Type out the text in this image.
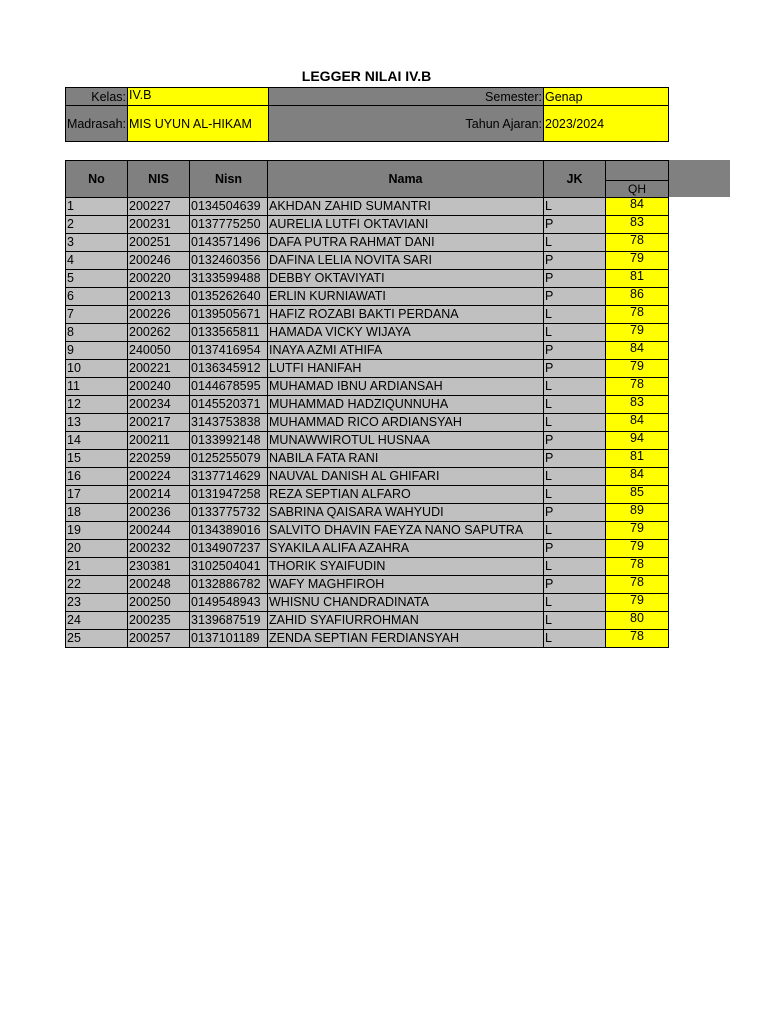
LEGGER NILAI IV.B
Kelas:	IV.B	Semester:	Genap
Madrasah:	MIS UYUN AL-HIKAM	Tahun Ajaran:	2023/2024
No	NIS	Nisn	Nama	JK	
					QH
1	200227	0134504639	AKHDAN ZAHID SUMANTRI	L	84
2	200231	0137775250	AURELIA LUTFI OKTAVIANI	P	83
3	200251	0143571496	DAFA PUTRA RAHMAT DANI	L	78
4	200246	0132460356	DAFINA LELIA NOVITA SARI	P	79
5	200220	3133599488	DEBBY OKTAVIYATI	P	81
6	200213	0135262640	ERLIN KURNIAWATI	P	86
7	200226	0139505671	HAFIZ ROZABI BAKTI PERDANA	L	78
8	200262	0133565811	HAMADA VICKY WIJAYA	L	79
9	240050	0137416954	INAYA AZMI ATHIFA	P	84
10	200221	0136345912	LUTFI HANIFAH	P	79
11	200240	0144678595	MUHAMAD IBNU ARDIANSAH	L	78
12	200234	0145520371	MUHAMMAD HADZIQUNNUHA	L	83
13	200217	3143753838	MUHAMMAD RICO ARDIANSYAH	L	84
14	200211	0133992148	MUNAWWIROTUL HUSNAA	P	94
15	220259	0125255079	NABILA FATA RANI	P	81
16	200224	3137714629	NAUVAL DANISH AL GHIFARI	L	84
17	200214	0131947258	REZA SEPTIAN ALFARO	L	85
18	200236	0133775732	SABRINA QAISARA WAHYUDI	P	89
19	200244	0134389016	SALVITO DHAVIN FAEYZA NANO SAPUTRA	L	79
20	200232	0134907237	SYAKILA ALIFA AZAHRA	P	79
21	230381	3102504041	THORIK SYAIFUDIN	L	78
22	200248	0132886782	WAFY MAGHFIROH	P	78
23	200250	0149548943	WHISNU CHANDRADINATA	L	79
24	200235	3139687519	ZAHID SYAFIURROHMAN	L	80
25	200257	0137101189	ZENDA SEPTIAN FERDIANSYAH	L	78
